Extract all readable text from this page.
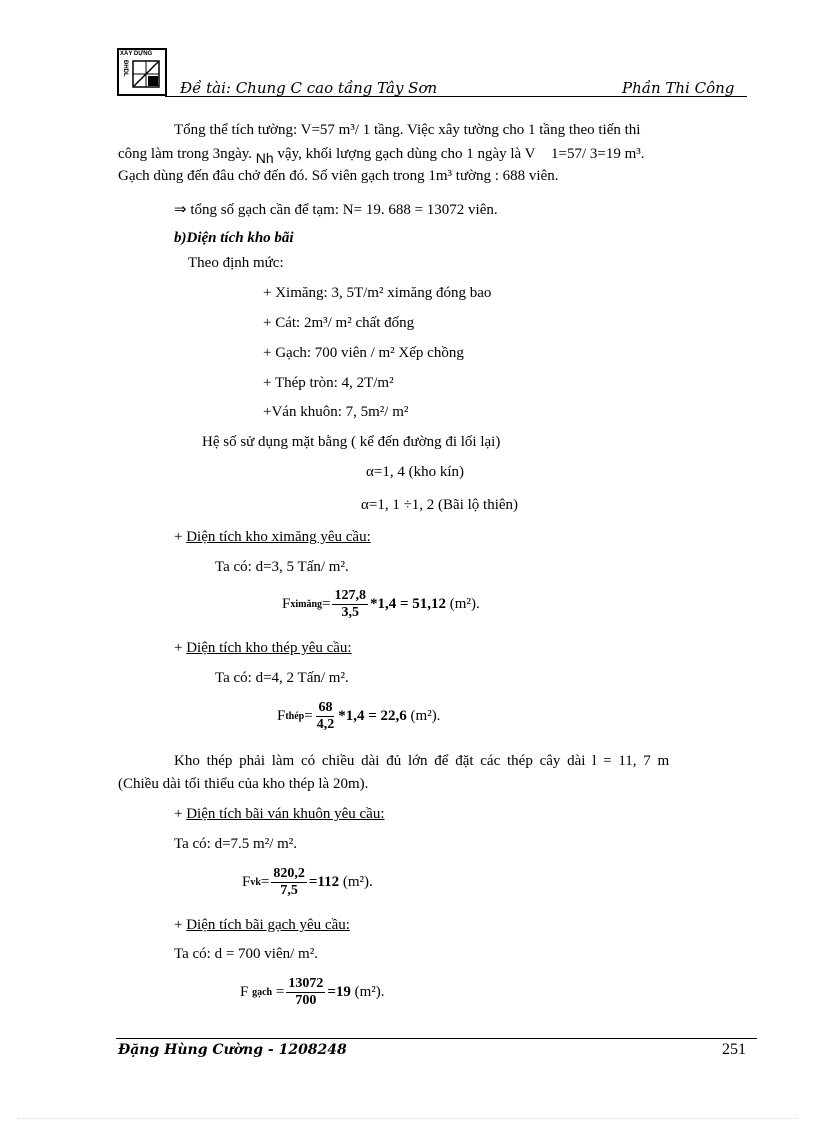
XÂY DỰNG
ĐHDL
Đề tài: Chung C cao tầng Tây Sơn	Phần Thi Công
Tổng thể tích tường: V=57 m³/ 1 tầng. Việc xây tường cho 1 tầng theo tiến thi
công làm trong 3ngày. Nh vậy, khối lượng gạch dùng cho 1 ngày là V 1=57/ 3=19 m³.
Gạch dùng đến đâu chở đến đó. Số viên gạch trong 1m³ tường : 688 viên.
⇒ tổng số gạch cần để tạm: N= 19. 688 = 13072 viên.
b)Diện tích kho bãi
Theo định mức:
+ Ximăng: 3, 5T/m² ximăng đóng bao
+ Cát: 2m³/ m² chất đống
+ Gạch: 700 viên / m² Xếp chồng
+ Thép tròn: 4, 2T/m²
+Ván khuôn: 7, 5m²/ m²
Hệ số sử dụng mặt bằng ( kể đến đường đi lối lại)
α=1, 4 (kho kín)
α=1, 1 ÷1, 2 (Bãi lộ thiên)
+ Diện tích kho ximăng yêu cầu:
Ta có: d=3, 5 Tấn/ m².
F ximăng = $\frac{127,8}{3,5} *1,4 = 51,12$
(m²).
+ Diện tích kho thép yêu cầu:
Ta có: d=4, 2 Tấn/ m².
F thép = $\frac{68}{4,2} *1,4 = 22,6$
(m²).
Kho thép phải làm có chiều dài đủ lớn để đặt các thép cây dài l = 11, 7 m
(Chiều dài tối thiểu của kho thép là 20m).
+ Diện tích bãi ván khuôn yêu cầu:
Ta có: d=7.5 m²/ m².
F vk = $\frac{820,2}{7,5} =112$
(m²).
+ Diện tích bãi gạch yêu cầu:
Ta có: d = 700 viên/ m².
F
gạch
= $\frac{13072}{700} =19$
(m²).
Đặng Hùng Cường - 1208248	251
